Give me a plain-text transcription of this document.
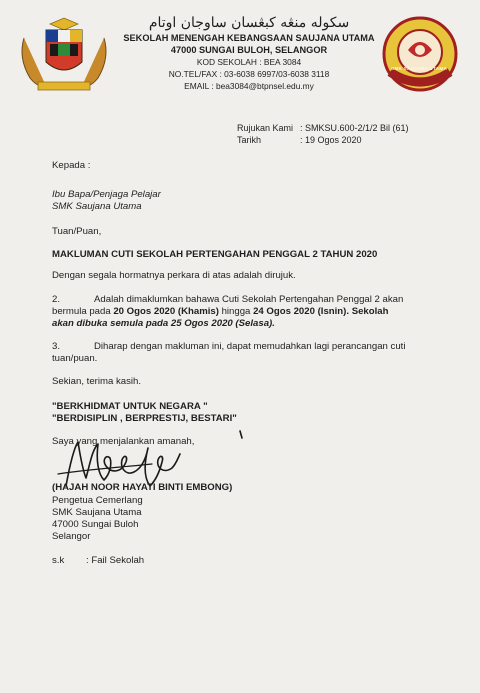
سکوله منڠه کبڠسان ساوجان اوتام
SEKOLAH MENENGAH KEBANGSAAN SAUJANA UTAMA
47000 SUNGAI BULOH, SELANGOR
KOD SEKOLAH : BEA 3084
NO.TEL/FAX : 03-6038 6997/03-6038 3118
EMAIL : bea3084@btpnsel.edu.my
SMK SAUJANA UTAMA
Rujukan Kami : SMKSU.600-2/1/2 Bil (61)
Tarikh	: 19 Ogos 2020
Kepada :
Ibu Bapa/Penjaga Pelajar
SMK Saujana Utama
Tuan/Puan,
MAKLUMAN CUTI SEKOLAH PERTENGAHAN PENGGAL 2 TAHUN 2020
Dengan segala hormatnya perkara di atas adalah dirujuk.
2.	Adalah dimaklumkan bahawa Cuti Sekolah Pertengahan Penggal 2 akan
bermula pada 20 Ogos 2020 (Khamis) hingga 24 Ogos 2020 (Isnin). Sekolah
akan dibuka semula pada 25 Ogos 2020 (Selasa).
3.	Diharap dengan makluman ini, dapat memudahkan lagi perancangan cuti
tuan/puan.
Sekian, terima kasih.
"BERKHIDMAT UNTUK NEGARA "
"BERDISIPLIN , BERPRESTIJ, BESTARI"
Saya yang menjalankan amanah,
(HAJAH NOOR HAYATI BINTI EMBONG)
Pengetua Cemerlang
SMK Saujana Utama
47000 Sungai Buloh
Selangor
s.k : Fail Sekolah
